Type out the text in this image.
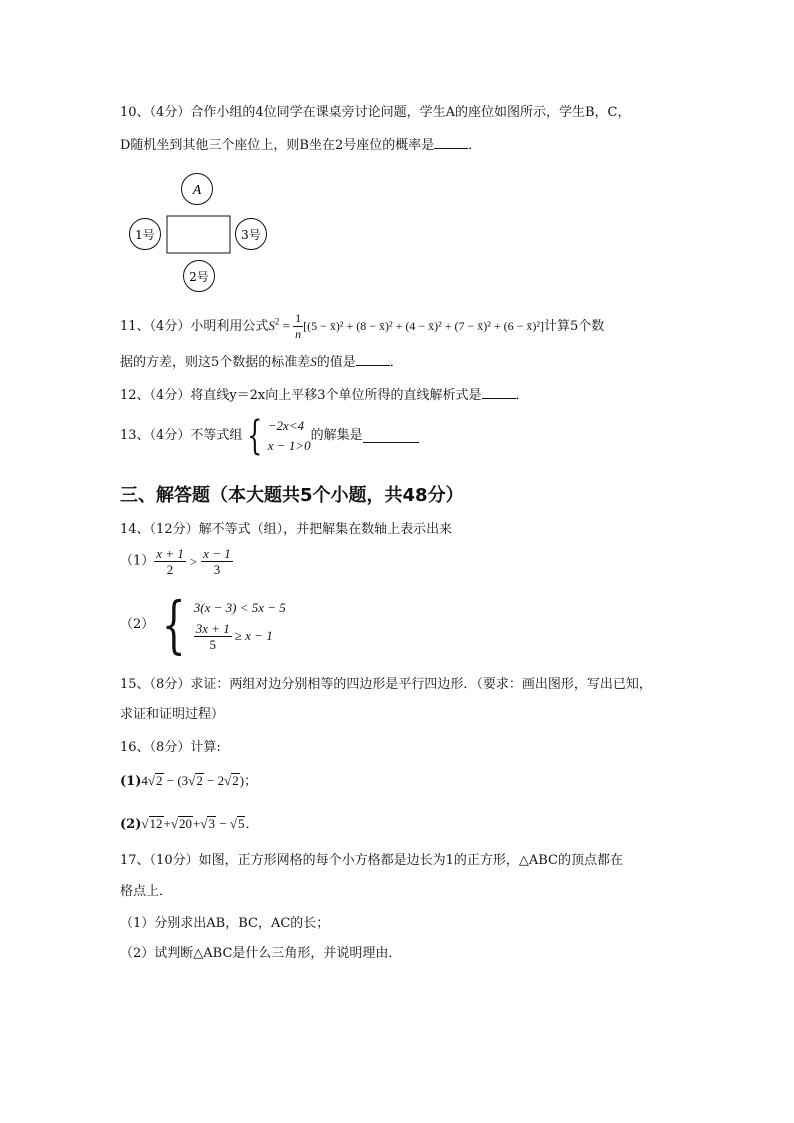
10、（4分）合作小组的4位同学在课桌旁讨论问题，学生A的座位如图所示，学生B，C，
D随机坐到其他三个座位上，则B坐在2号座位的概率是	．
A
1号	3号
2号
11、（4分）小明利用公式$S^2 = \frac{1}{n} [(5$ − x̄)² + (8 − x̄)² + (4 − x̄)² + (7 − x̄)² + (6 − x̄)²]计算5个数
据的方差，则这5个数据的标准差S的值是	．
12、（4分）将直线y＝2x向上平移3个单位所得的直线解析式是	．
13、（4分）不等式组 { −2x<4
x − 1>0
的解集是
三、解答题（本大题共5个小题，共48分）
14、（12分）解不等式（组），并把解集在数轴上表示出来
$(1) \frac{x + 1}{2} > \frac{x - 1}{3}$
（2） { 3(x − 3) < 5x − 5
$\frac{3x + 1}{5} \ge x - 1$
15、（8分）求证：两组对边分别相等的四边形是平行四边形．（要求：画出图形，写出已知，
求证和证明过程）
16、（8分）计算:
(1)4√2 − (3√2 − 2√2)；
(2)√12+√20+√3 − √5．
17、（10分）如图，正方形网格的每个小方格都是边长为1的正方形，△ABC的顶点都在
格点上．
（1）分别求出AB，BC，AC的长；
（2）试判断△ABC是什么三角形，并说明理由．
